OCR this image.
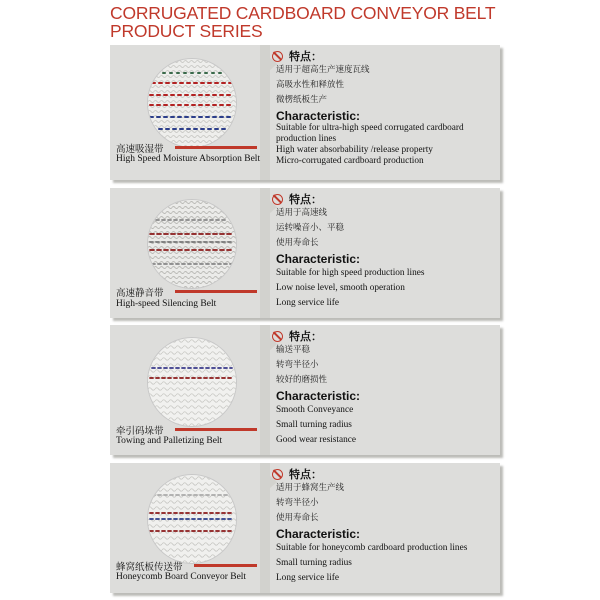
CORRUGATED CARDBOARD CONVEYOR BELT
PRODUCT SERIES
高速吸湿带
High Speed Moisture Absorption Belt
特点：
适用于超高生产速度瓦线
高吸水性和释放性
微楞纸板生产
Characteristic:
Suitable for ultra-high speed corrugated cardboard production lines
High water absorbability /release property
Micro-corrugated cardboard production
高速静音带
High-speed Silencing Belt
特点：
适用于高速线
运转噪音小、平稳
使用寿命长
Characteristic:
Suitable for high speed production lines
Low noise level, smooth operation
Long service life
牵引码垛带
Towing and Palletizing Belt
特点：
输送平稳
转弯半径小
较好的磨损性
Characteristic:
Smooth Conveyance
Small turning radius
Good wear resistance
蜂窝纸板传送带
Honeycomb Board Conveyor Belt
特点：
适用于蜂窝生产线
转弯半径小
使用寿命长
Characteristic:
Suitable for honeycomb cardboard production lines
Small turning radius
Long service life
